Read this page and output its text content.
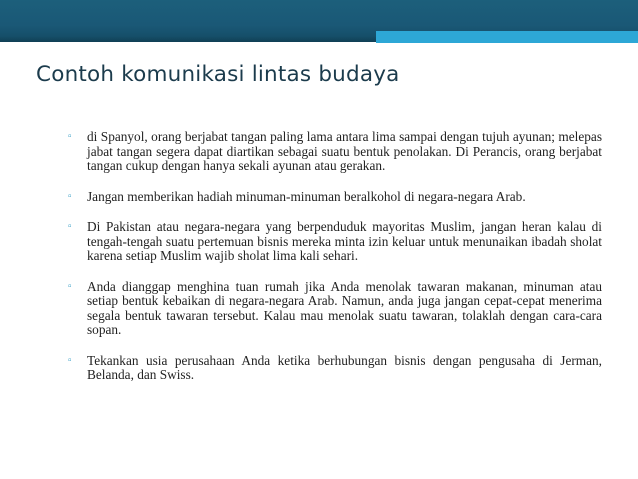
Contoh komunikasi lintas budaya
▫ di Spanyol, orang berjabat tangan paling lama antara lima sampai dengan tujuh ayunan; melepas jabat tangan segera dapat diartikan sebagai suatu bentuk penolakan. Di Perancis, orang berjabat tangan cukup dengan hanya sekali ayunan atau gerakan.
▫ Jangan memberikan hadiah minuman-minuman beralkohol di negara-negara Arab.
▫ Di Pakistan atau negara-negara yang berpenduduk mayoritas Muslim, jangan heran kalau di tengah-tengah suatu pertemuan bisnis mereka minta izin keluar untuk menunaikan ibadah sholat karena setiap Muslim wajib sholat lima kali sehari.
▫ Anda dianggap menghina tuan rumah jika Anda menolak tawaran makanan, minuman atau setiap bentuk kebaikan di negara-negara Arab. Namun, anda juga jangan cepat-cepat menerima segala bentuk tawaran tersebut. Kalau mau menolak suatu tawaran, tolaklah dengan cara-cara sopan.
▫ Tekankan usia perusahaan Anda ketika berhubungan bisnis dengan pengusaha di Jerman, Belanda, dan Swiss.
